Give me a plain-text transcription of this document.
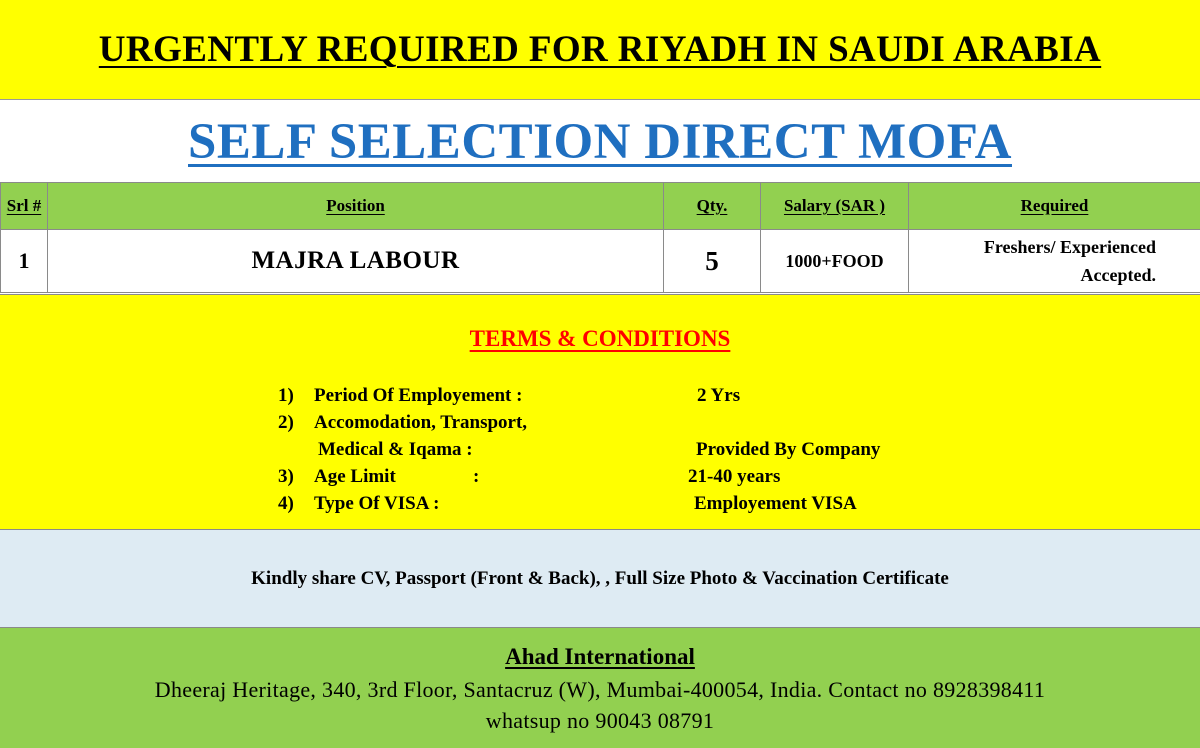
URGENTLY REQUIRED FOR RIYADH IN SAUDI ARABIA
SELF SELECTION DIRECT MOFA
Srl #	Position	Qty.	Salary (SAR )	Required
1	MAJRA LABOUR	5	1000+FOOD	Freshers/ Experienced
Accepted.
TERMS & CONDITIONS
1) Period Of Employement :	2 Yrs
2) Accomodation, Transport,
Medical & Iqama :	Provided By Company
3) Age Limit	:	21-40 years
4) Type Of VISA :	Employement VISA
Kindly share CV, Passport (Front & Back), , Full Size Photo & Vaccination Certificate
Ahad International
Dheeraj Heritage, 340, 3rd Floor, Santacruz (W), Mumbai-400054, India. Contact no 8928398411
whatsup no 90043 08791
